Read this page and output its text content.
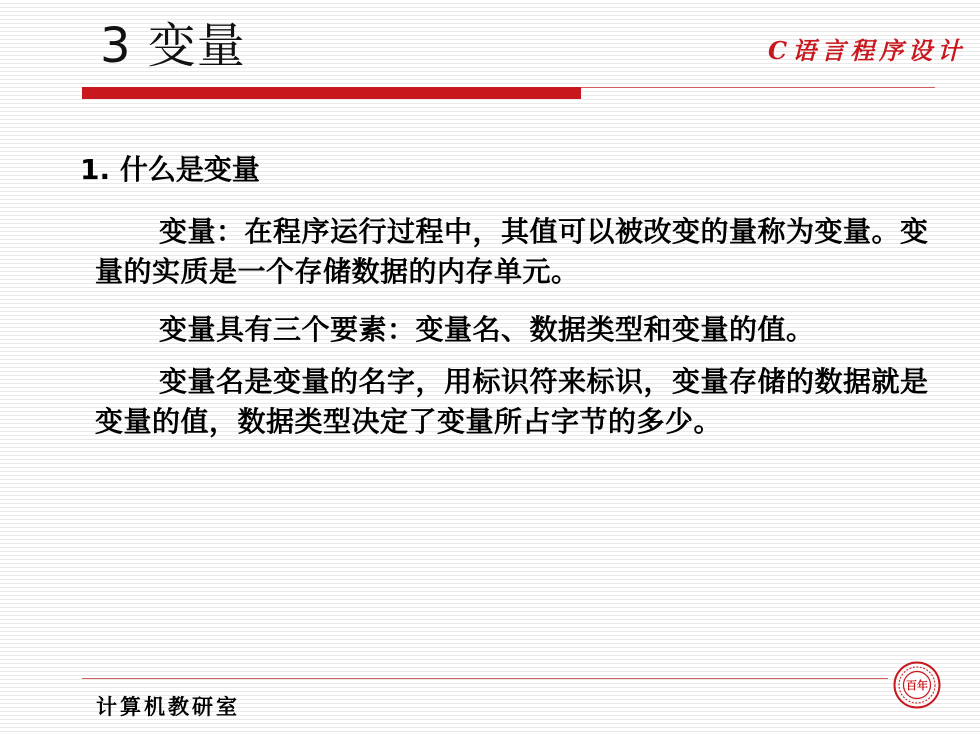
3 变量	C语言程序设计
1. 什么是变量

变量：在程序运行过程中，其值可以被改变的量称为变量。变量的实质是一个存储数据的内存单元。

变量具有三个要素：变量名、数据类型和变量的值。

变量名是变量的名字，用标识符来标识，变量存储的数据就是变量的值，数据类型决定了变量所占字节的多少。

计算机教研室
百年
